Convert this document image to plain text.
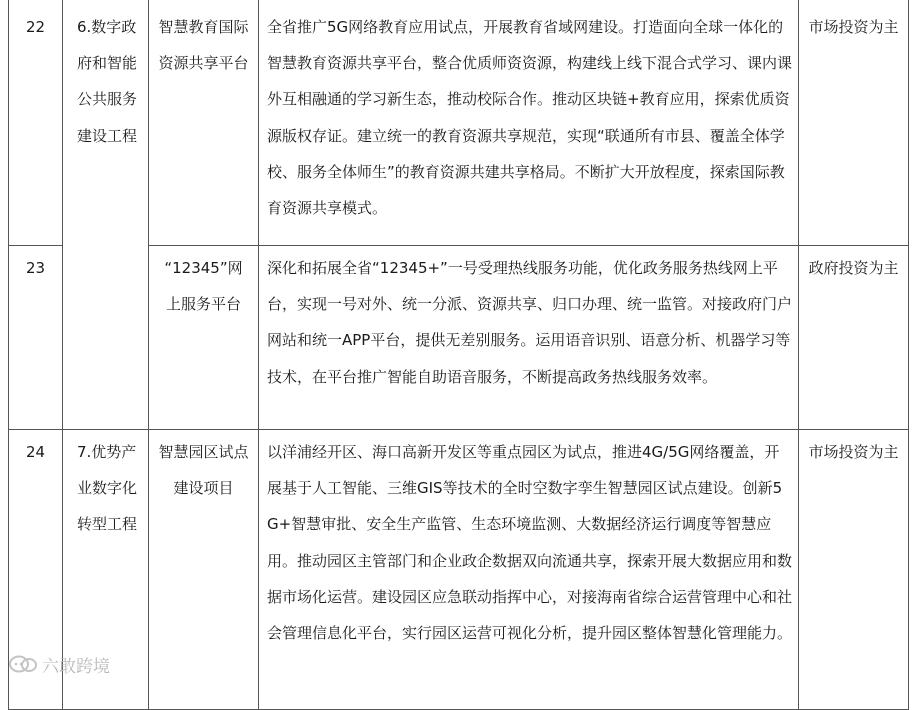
22	6.数字政府和智能公共服务建设工程	智慧教育国际资源共享平台	全省推广5G网络教育应用试点，开展教育省域网建设。打造面向全球一体化的智慧教育资源共享平台，整合优质师资资源，构建线上线下混合式学习、课内课外互相融通的学习新生态，推动校际合作。推动区块链+教育应用，探索优质资源版权存证。建立统一的教育资源共享规范，实现“联通所有市县、覆盖全体学校、服务全体师生”的教育资源共建共享格局。不断扩大开放程度，探索国际教育资源共享模式。	市场投资为主
23		“12345”网上服务平台	深化和拓展全省“12345+”一号受理热线服务功能，优化政务服务热线网上平台，实现一号对外、统一分派、资源共享、归口办理、统一监管。对接政府门户网站和统一APP平台，提供无差别服务。运用语音识别、语意分析、机器学习等技术，在平台推广智能自助语音服务，不断提高政务热线服务效率。	政府投资为主
24	7.优势产业数字化转型工程	智慧园区试点建设项目	以洋浦经开区、海口高新开发区等重点园区为试点，推进4G/5G网络覆盖，开展基于人工智能、三维GIS等技术的全时空数字孪生智慧园区试点建设。创新5G+智慧审批、安全生产监管、生态环境监测、大数据经济运行调度等智慧应用。推动园区主管部门和企业政企数据双向流通共享，探索开展大数据应用和数据市场化运营。建设园区应急联动指挥中心，对接海南省综合运营管理中心和社会管理信息化平台，实行园区运营可视化分析，提升园区整体智慧化管理能力。	市场投资为主
六敢跨境
